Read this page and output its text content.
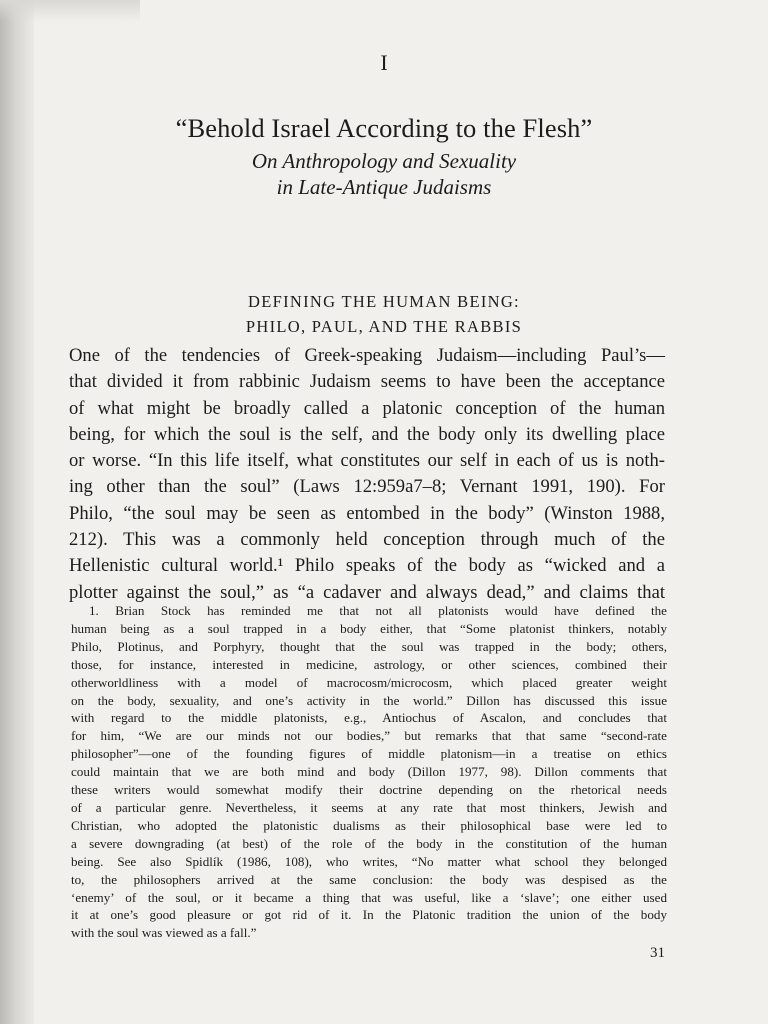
I
“Behold Israel According to the Flesh”
On Anthropology and Sexuality
in Late-Antique Judaisms
DEFINING THE HUMAN BEING:
PHILO, PAUL, AND THE RABBIS
One of the tendencies of Greek-speaking Judaism—including Paul’s—
that divided it from rabbinic Judaism seems to have been the acceptance
of what might be broadly called a platonic conception of the human
being, for which the soul is the self, and the body only its dwelling place
or worse. “In this life itself, what constitutes our self in each of us is noth-
ing other than the soul” (Laws 12:959a7–8; Vernant 1991, 190). For
Philo, “the soul may be seen as entombed in the body” (Winston 1988,
212). This was a commonly held conception through much of the
Hellenistic cultural world.¹ Philo speaks of the body as “wicked and a
plotter against the soul,” as “a cadaver and always dead,” and claims that
1. Brian Stock has reminded me that not all platonists would have defined the
human being as a soul trapped in a body either, that “Some platonist thinkers, notably
Philo, Plotinus, and Porphyry, thought that the soul was trapped in the body; others,
those, for instance, interested in medicine, astrology, or other sciences, combined their
otherworldliness with a model of macrocosm/microcosm, which placed greater weight
on the body, sexuality, and one’s activity in the world.” Dillon has discussed this issue
with regard to the middle platonists, e.g., Antiochus of Ascalon, and concludes that
for him, “We are our minds not our bodies,” but remarks that that same “second-rate
philosopher”—one of the founding figures of middle platonism—in a treatise on ethics
could maintain that we are both mind and body (Dillon 1977, 98). Dillon comments that
these writers would somewhat modify their doctrine depending on the rhetorical needs
of a particular genre. Nevertheless, it seems at any rate that most thinkers, Jewish and
Christian, who adopted the platonistic dualisms as their philosophical base were led to
a severe downgrading (at best) of the role of the body in the constitution of the human
being. See also Spidlík (1986, 108), who writes, “No matter what school they belonged
to, the philosophers arrived at the same conclusion: the body was despised as the
‘enemy’ of the soul, or it became a thing that was useful, like a ‘slave’; one either used
it at one’s good pleasure or got rid of it. In the Platonic tradition the union of the body
with the soul was viewed as a fall.”
31
